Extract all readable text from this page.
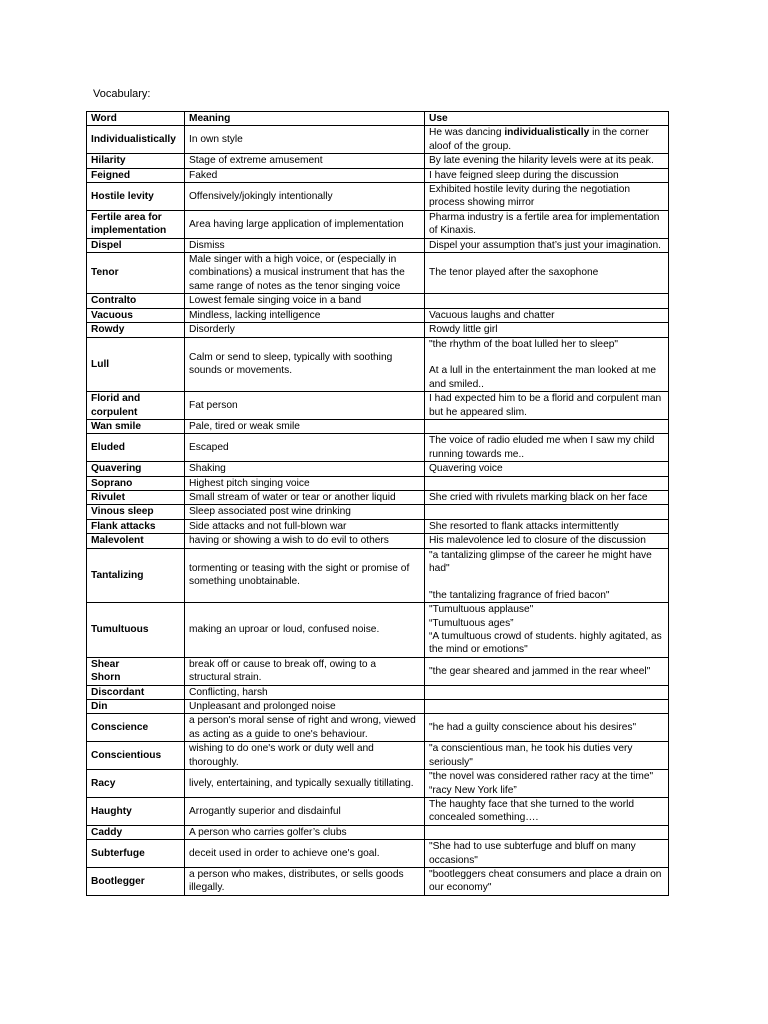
Vocabulary:
Word	Meaning	Use
Individualistically	In own style	He was dancing individualistically in the corner aloof of the group.
Hilarity	Stage of extreme amusement	By late evening the hilarity levels were at its peak.
Feigned	Faked	I have feigned sleep during the discussion
Hostile levity	Offensively/jokingly intentionally	Exhibited hostile levity during the negotiation process showing mirror
Fertile area for implementation	Area having large application of implementation	Pharma industry is a fertile area for implementation of Kinaxis.
Dispel	Dismiss	Dispel your assumption that’s just your imagination.
Tenor	Male singer with a high voice, or (especially in combinations) a musical instrument that has the same range of notes as the tenor singing voice	The tenor played after the saxophone
Contralto	Lowest female singing voice in a band	
Vacuous	Mindless, lacking intelligence	Vacuous laughs and chatter
Rowdy	Disorderly	Rowdy little girl
Lull	Calm or send to sleep, typically with soothing sounds or movements.	"the rhythm of the boat lulled her to sleep"

At a lull in the entertainment the man looked at me and smiled..
Florid and corpulent	Fat person	I had expected him to be a florid and corpulent man but he appeared slim.
Wan smile	Pale, tired or weak smile	
Eluded	Escaped	The voice of radio eluded me when I saw my child running towards me..
Quavering	Shaking	Quavering voice
Soprano	Highest pitch singing voice	
Rivulet	Small stream of water or tear or another liquid	She cried with rivulets marking black on her face
Vinous sleep	Sleep associated post wine drinking	
Flank attacks	Side attacks and not full-blown war	She resorted to flank attacks intermittently
Malevolent	having or showing a wish to do evil to others	His malevolence led to closure of the discussion
Tantalizing	tormenting or teasing with the sight or promise of something unobtainable.	"a tantalizing glimpse of the career he might have had"

"the tantalizing fragrance of fried bacon"
Tumultuous	making an uproar or loud, confused noise.	"Tumultuous applause"
“Tumultuous ages”
“A tumultuous crowd of students. highly agitated, as the mind or emotions"
Shear
Shorn	break off or cause to break off, owing to a structural strain.	"the gear sheared and jammed in the rear wheel"
Discordant	Conflicting, harsh	
Din	Unpleasant and prolonged noise	
Conscience	a person's moral sense of right and wrong, viewed as acting as a guide to one's behaviour.	"he had a guilty conscience about his desires"
Conscientious	wishing to do one's work or duty well and thoroughly.	"a conscientious man, he took his duties very seriously"
Racy	lively, entertaining, and typically sexually titillating.	"the novel was considered rather racy at the time"
“racy New York life”
Haughty	Arrogantly superior and disdainful	The haughty face that she turned to the world concealed something….
Caddy	A person who carries golfer’s clubs	
Subterfuge	deceit used in order to achieve one's goal.	"She had to use subterfuge and bluff on many occasions"
Bootlegger	a person who makes, distributes, or sells goods illegally.	"bootleggers cheat consumers and place a drain on our economy"
